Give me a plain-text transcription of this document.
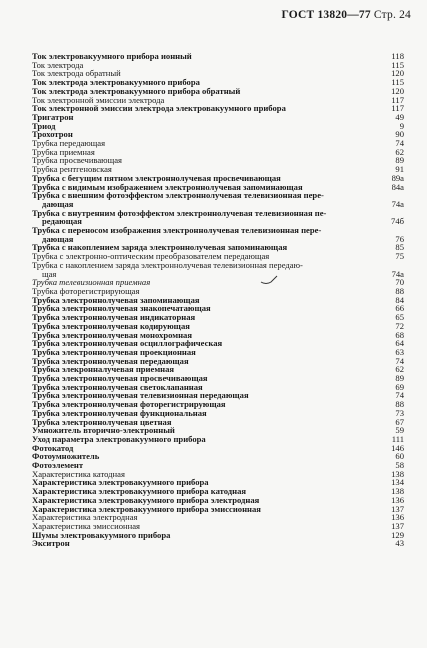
ГОСТ 13820—77 Стр. 24
Ток электровакуумного прибора ионный	118
Ток электрода	115
Ток электрода обратный	120
Ток электрода электровакуумного прибора	115
Ток электрода электровакуумного прибора обратный	120
Ток электронной эмиссии электрода	117
Ток электронной эмиссии электрода электровакуумного прибора	117
Тригатрон	49
Триод	9
Трохотрон	90
Трубка передающая	74
Трубка приемная	62
Трубка просвечивающая	89
Трубка рентгеновская	91
Трубка с бегущим пятном электроннолучевая просвечивающая	89а
Трубка с видимым изображением электроннолучевая запоминающая	84а
Трубка с внешним фотоэффектом электроннолучевая телевизионная пере-
дающая	74а
Трубка с внутренним фотоэффектом электроннолучевая телевизионная пе-
редающая	74б
Трубка с переносом изображения электроннолучевая телевизионная пере-
дающая	76
Трубка с накоплением заряда электроннолучевая запоминающая	85
Трубка с электронно-оптическим преобразователем передающая	75
Трубка с накоплением заряда электроннолучевая телевизионная передаю-
щая	74а
Трубка телевизионная приемная	70
Трубка фоторегистрирующая	88
Трубка электроннолучевая запоминающая	84
Трубка электроннолучевая знакопечатающая	66
Трубка электроннолучевая индикаторная	65
Трубка электроннолучевая кодирующая	72
Трубка электроннолучевая монохромная	68
Трубка электроннолучевая осциллографическая	64
Трубка электроннолучевая проекционная	63
Трубка электроннолучевая передающая	74
Трубка элекронналучевая приемная	62
Трубка электроннолучевая просвечивающая	89
Трубка электроннолучевая светоклапанная	69
Трубка электроннолучевая телевизионная передающая	74
Трубка электроннолучевая фоторегистрирующая	88
Трубка электроннолучевая функциональная	73
Трубка электроннолучевая цветная	67
Умножитель вторично-электронный	59
Уход параметра электровакуумного прибора	111
Фотокатод	146
Фотоумножитель	60
Фотоэлемент	58
Характеристика катодная	138
Характеристика электровакуумного прибора	134
Характеристика электровакуумного прибора катодная	138
Характеристика электровакуумного прибора электродная	136
Характеристика электровакуумного прибора эмиссионная	137
Характеристика электродная	136
Характеристика эмиссионная	137
Шумы электровакуумного прибора	129
Экситрон	43
